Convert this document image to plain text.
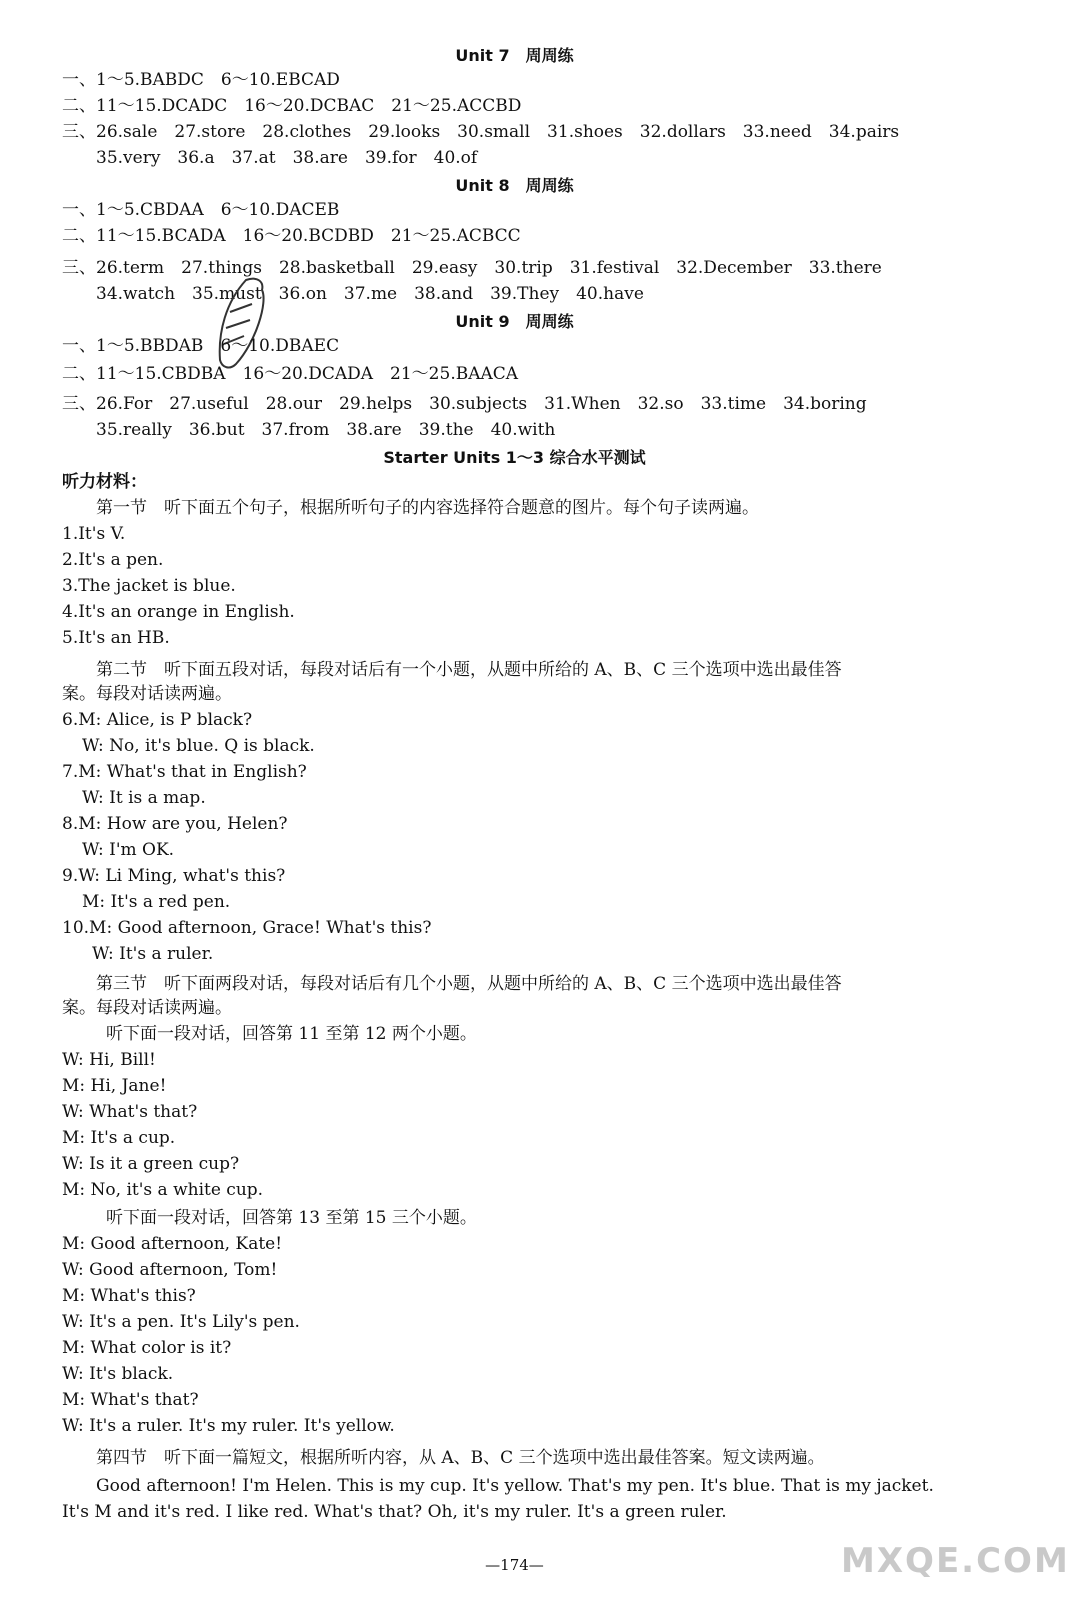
Unit 7　周周练
一、1～5.BABDC　6～10.EBCAD
二、11～15.DCADC　16～20.DCBAC　21～25.ACCBD
三、26.sale　27.store　28.clothes　29.looks　30.small　31.shoes　32.dollars　33.need　34.pairs
35.very　36.a　37.at　38.are　39.for　40.of
Unit 8　周周练
一、1～5.CBDAA　6～10.DACEB
二、11～15.BCADA　16～20.BCDBD　21～25.ACBCC
三、26.term　27.things　28.basketball　29.easy　30.trip　31.festival　32.December　33.there
34.watch　35.must　36.on　37.me　38.and　39.They　40.have
Unit 9　周周练
一、1～5.BBDAB　6～10.DBAEC
二、11～15.CBDBA　16～20.DCADA　21～25.BAACA
三、26.For　27.useful　28.our　29.helps　30.subjects　31.When　32.so　33.time　34.boring
35.really　36.but　37.from　38.are　39.the　40.with
Starter Units 1～3 综合水平测试
听力材料：
第一节　听下面五个句子，根据所听句子的内容选择符合题意的图片。每个句子读两遍。
1.It's V.
2.It's a pen.
3.The jacket is blue.
4.It's an orange in English.
5.It's an HB.
第二节　听下面五段对话，每段对话后有一个小题，从题中所给的 A、B、C 三个选项中选出最佳答
案。每段对话读两遍。
6.M: Alice, is P black?
W: No, it's blue. Q is black.
7.M: What's that in English?
W: It is a map.
8.M: How are you, Helen?
W: I'm OK.
9.W: Li Ming, what's this?
M: It's a red pen.
10.M: Good afternoon, Grace! What's this?
W: It's a ruler.
第三节　听下面两段对话，每段对话后有几个小题，从题中所给的 A、B、C 三个选项中选出最佳答
案。每段对话读两遍。
听下面一段对话，回答第 11 至第 12 两个小题。
W: Hi, Bill!
M: Hi, Jane!
W: What's that?
M: It's a cup.
W: Is it a green cup?
M: No, it's a white cup.
听下面一段对话，回答第 13 至第 15 三个小题。
M: Good afternoon, Kate!
W: Good afternoon, Tom!
M: What's this?
W: It's a pen. It's Lily's pen.
M: What color is it?
W: It's black.
M: What's that?
W: It's a ruler. It's my ruler. It's yellow.
第四节　听下面一篇短文，根据所听内容，从 A、B、C 三个选项中选出最佳答案。短文读两遍。
Good afternoon! I'm Helen. This is my cup. It's yellow. That's my pen. It's blue. That is my jacket.
It's M and it's red. I like red. What's that? Oh, it's my ruler. It's a green ruler.
—174—	MXQE.COM
